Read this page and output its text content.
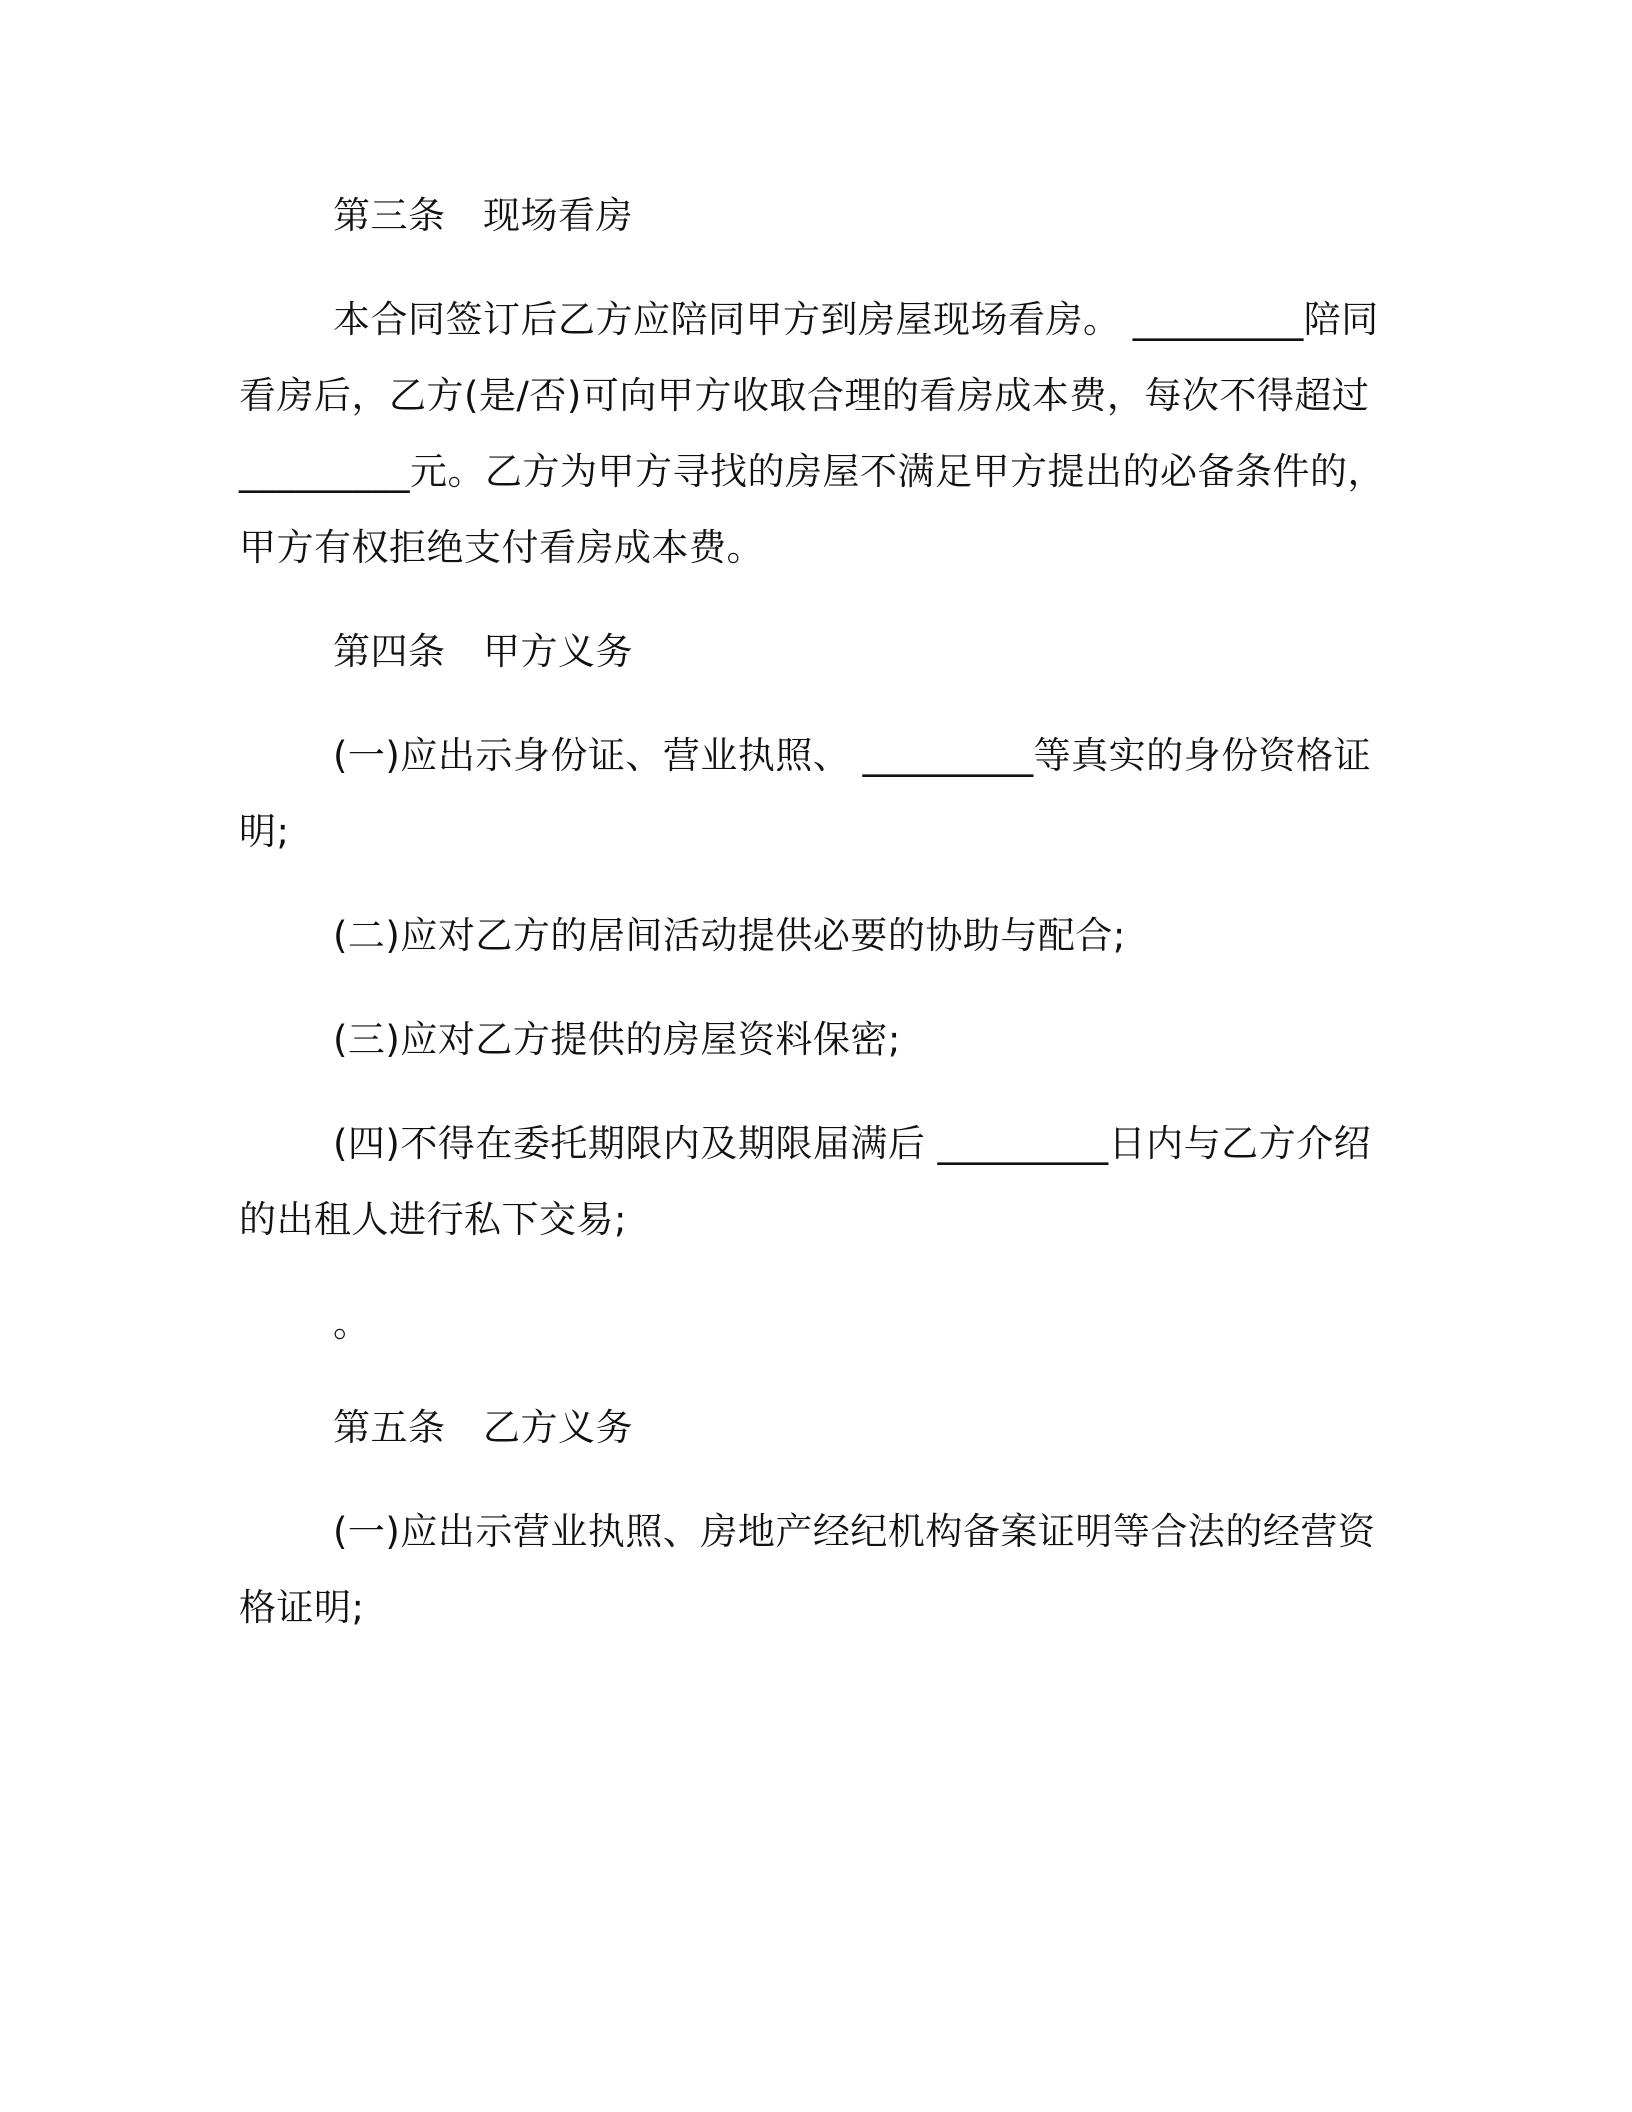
第三条　现场看房
本合同签订后乙方应陪同甲方到房屋现场看房。 _________陪同
看房后，乙方(是/否)可向甲方收取合理的看房成本费，每次不得超过
_________元。乙方为甲方寻找的房屋不满足甲方提出的必备条件的，
甲方有权拒绝支付看房成本费。
第四条　甲方义务
(一)应出示身份证、营业执照、 _________等真实的身份资格证
明;
(二)应对乙方的居间活动提供必要的协助与配合;
(三)应对乙方提供的房屋资料保密;
(四)不得在委托期限内及期限届满后 _________日内与乙方介绍
的出租人进行私下交易;
。
第五条　乙方义务
(一)应出示营业执照、房地产经纪机构备案证明等合法的经营资
格证明;
